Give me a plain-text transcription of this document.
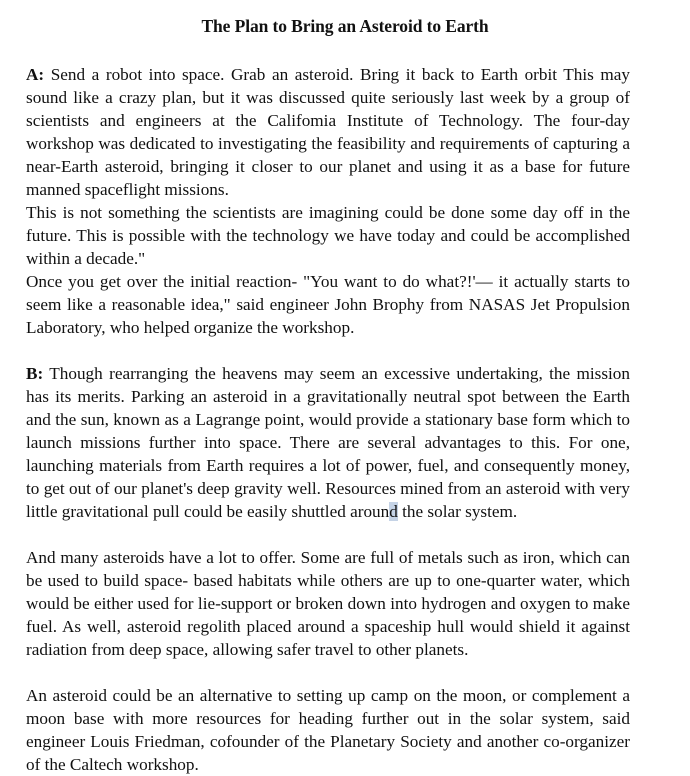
The Plan to Bring an Asteroid to Earth

A: Send a robot into space. Grab an asteroid. Bring it back to Earth orbit This may sound like a crazy plan, but it was discussed quite seriously last week by a group of scientists and engineers at the Califomia Institute of Technology. The four-day workshop was dedicated to investigating the feasibility and requirements of capturing a near-Earth asteroid, bringing it closer to our planet and using it as a base for future manned spaceflight missions.

This is not something the scientists are imagining could be done some day off in the future. This is possible with the technology we have today and could be accomplished within a decade."

Once you get over the initial reaction- "You want to do what?!'— it actually starts to seem like a reasonable idea," said engineer John Brophy from NASAS Jet Propulsion Laboratory, who helped organize the workshop.

B: Though rearranging the heavens may seem an excessive undertaking, the mission has its merits. Parking an asteroid in a gravitationally neutral spot between the Earth and the sun, known as a Lagrange point, would provide a stationary base form which to launch missions further into space. There are several advantages to this. For one, launching materials from Earth requires a lot of power, fuel, and consequently money, to get out of our planet's deep gravity well. Resources mined from an asteroid with very little gravitational pull could be easily shuttled around the solar system.

And many asteroids have a lot to offer. Some are full of metals such as iron, which can be used to build space- based habitats while others are up to one-quarter water, which would be either used for lie-support or broken down into hydrogen and oxygen to make fuel. As well, asteroid regolith placed around a spaceship hull would shield it against radiation from deep space, allowing safer travel to other planets.

An asteroid could be an alternative to setting up camp on the moon, or complement a moon base with more resources for heading further out in the solar system, said engineer Louis Friedman, cofounder of the Planetary Society and another co-organizer of the Caltech workshop.
